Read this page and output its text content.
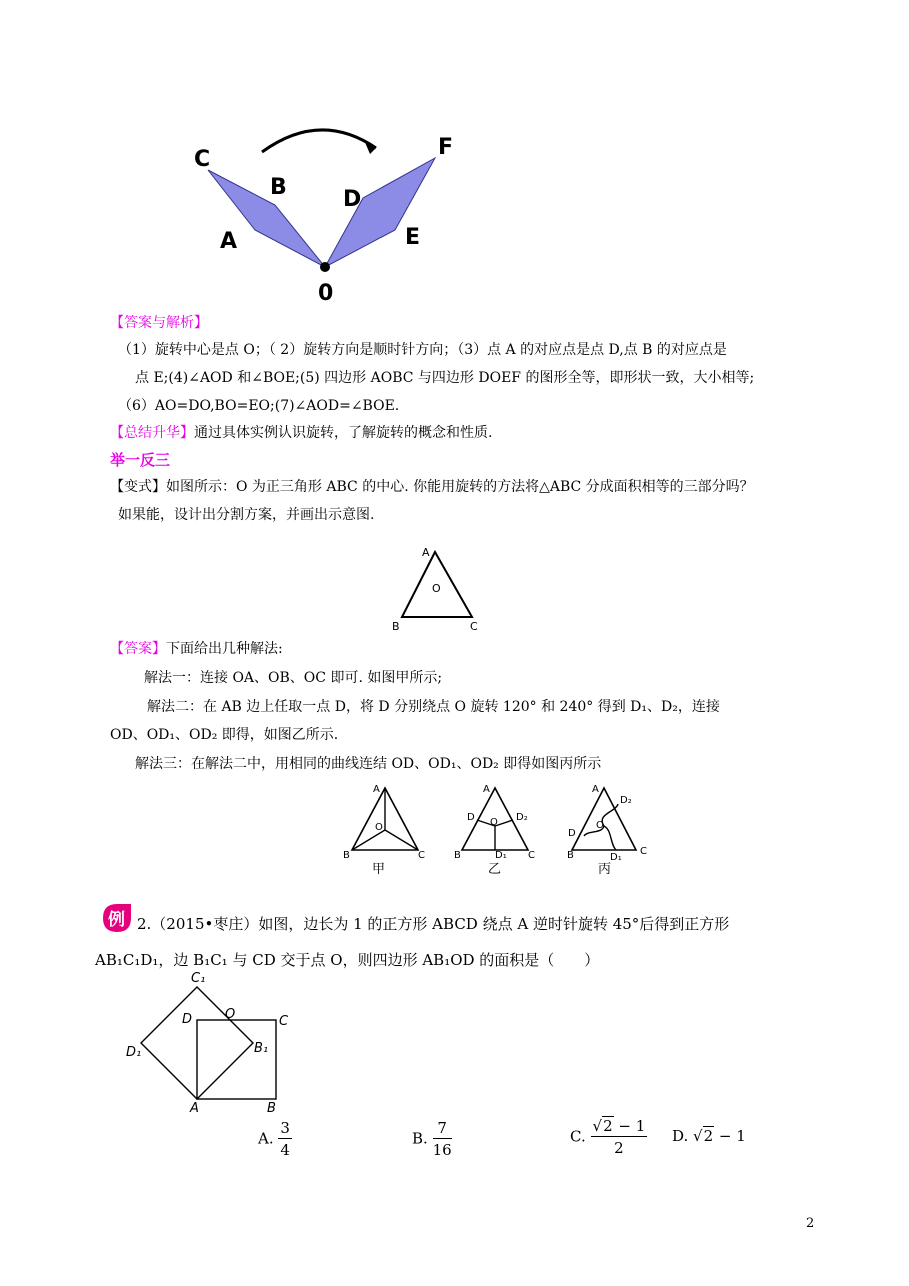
C
B
A
D
F
E
0
【答案与解析】
（1）旋转中心是点 O；（ 2）旋转方向是顺时针方向；（3）点 A 的对应点是点 D,点 B 的对应点是
点 E;(4)∠AOD 和∠BOE;(5) 四边形 AOBC 与四边形 DOEF 的图形全等，即形状一致，大小相等;
（6）AO=DO,BO=EO;(7)∠AOD=∠BOE.
【总结升华】通过具体实例认识旋转，了解旋转的概念和性质.
举一反三
【变式】如图所示：O 为正三角形 ABC 的中心. 你能用旋转的方法将△ABC 分成面积相等的三部分吗？
如果能，设计出分割方案，并画出示意图.
A
O
B	C
【答案】下面给出几种解法:
解法一：连接 OA、OB、OC 即可. 如图甲所示;
解法二：在 AB 边上任取一点 D，将 D 分别绕点 O 旋转 120° 和 240° 得到 D₁、D₂，连接
OD、OD₁、OD₂ 即得，如图乙所示.
解法三：在解法二中，用相同的曲线连结 OD、OD₁、OD₂ 即得如图丙所示
A
O
B	C
甲
A
D	D₂
O
B	D₁ C
乙
A
D₂
D
O
B	D₁
C
丙
例 2.（2015•枣庄）如图，边长为 1 的正方形 ABCD 绕点 A 逆时针旋转 45°后得到正方形
AB₁C₁D₁，边 B₁C₁ 与 CD 交于点 O，则四边形 AB₁OD 的面积是（　　）
C₁
O
D	C
D₁	B₁
A	B
A. $\frac{3}{4}$	B. $\frac{7}{16}$	C. $\frac{√2 - 1}{2} D$. √2 − 1
2
